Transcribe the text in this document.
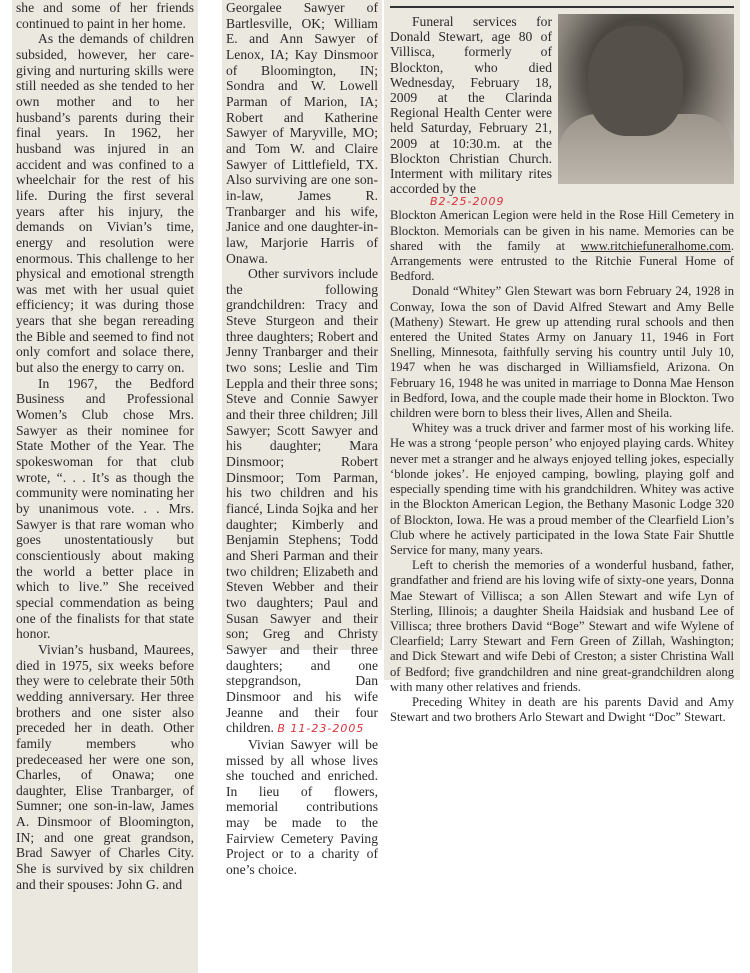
she and some of her friends continued to paint in her home.

As the demands of children subsided, however, her care-giving and nurturing skills were still needed as she tended to her own mother and to her husband’s parents during their final years. In 1962, her husband was injured in an accident and was confined to a wheelchair for the rest of his life. During the first several years after his injury, the demands on Vivian’s time, energy and resolution were enormous. This challenge to her physical and emotional strength was met with her usual quiet efficiency; it was during those years that she began rereading the Bible and seemed to find not only comfort and solace there, but also the energy to carry on.

In 1967, the Bedford Business and Professional Women’s Club chose Mrs. Sawyer as their nominee for State Mother of the Year. The spokeswoman for that club wrote, “. . . It’s as though the community were nominating her by unanimous vote. . . Mrs. Sawyer is that rare woman who goes unostentatiously but conscientiously about making the world a better place in which to live.” She received special commendation as being one of the finalists for that state honor.

Vivian’s husband, Maurees, died in 1975, six weeks before they were to celebrate their 50th wedding anniversary. Her three brothers and one sister also preceded her in death. Other family members who predeceased her were one son, Charles, of Onawa; one daughter, Elise Tranbarger, of Sumner; one son-in-law, James A. Dinsmoor of Bloomington, IN; and one great grandson, Brad Sawyer of Charles City. She is survived by six children and their spouses: John G. and

Georgalee Sawyer of Bartlesville, OK; William E. and Ann Sawyer of Lenox, IA; Kay Dinsmoor of Bloomington, IN; Sondra and W. Lowell Parman of Marion, IA; Robert and Katherine Sawyer of Maryville, MO; and Tom W. and Claire Sawyer of Littlefield, TX. Also surviving are one son-in-law, James R. Tranbarger and his wife, Janice and one daughter-in-law, Marjorie Harris of Onawa.

Other survivors include the following grandchildren: Tracy and Steve Sturgeon and their three daughters; Robert and Jenny Tranbarger and their two sons; Leslie and Tim Leppla and their three sons; Steve and Connie Sawyer and their three children; Jill Sawyer; Scott Sawyer and his daughter; Mara Dinsmoor; Robert Dinsmoor; Tom Parman, his two children and his fiancé, Linda Sojka and her daughter; Kimberly and Benjamin Stephens; Todd and Sheri Parman and their two children; Elizabeth and Steven Webber and their two daughters; Paul and Susan Sawyer and their son; Greg and Christy Sawyer and their three daughters; and one stepgrandson, Dan Dinsmoor and his wife Jeanne and their four children. B 11-23-2005

Vivian Sawyer will be missed by all whose lives she touched and enriched. In lieu of flowers, memorial contributions may be made to the Fairview Cemetery Paving Project or to a charity of one’s choice.

Funeral services for Donald Stewart, age 80 of Villisca, formerly of Blockton, who died Wednesday, February 18, 2009 at the Clarinda Regional Health Center were held Saturday, February 21, 2009 at 10:30.m. at the Blockton Christian Church. Interment with military rites accorded by the

B2-25-2009

Blockton American Legion were held in the Rose Hill Cemetery in Blockton. Memorials can be given in his name. Memories can be shared with the family at www.ritchiefuneralhome.com. Arrangements were entrusted to the Ritchie Funeral Home of Bedford.

Donald “Whitey” Glen Stewart was born February 24, 1928 in Conway, Iowa the son of David Alfred Stewart and Amy Belle (Matheny) Stewart. He grew up attending rural schools and then entered the United States Army on January 11, 1946 in Fort Snelling, Minnesota, faithfully serving his country until July 10, 1947 when he was discharged in Williamsfield, Arizona. On February 16, 1948 he was united in marriage to Donna Mae Henson in Bedford, Iowa, and the couple made their home in Blockton. Two children were born to bless their lives, Allen and Sheila.

Whitey was a truck driver and farmer most of his working life. He was a strong ‘people person’ who enjoyed playing cards. Whitey never met a stranger and he always enjoyed telling jokes, especially ‘blonde jokes’. He enjoyed camping, bowling, playing golf and especially spending time with his grandchildren. Whitey was active in the Blockton American Legion, the Bethany Masonic Lodge 320 of Blockton, Iowa. He was a proud member of the Clearfield Lion’s Club where he actively participated in the Iowa State Fair Shuttle Service for many, many years.

Left to cherish the memories of a wonderful husband, father, grandfather and friend are his loving wife of sixty-one years, Donna Mae Stewart of Villisca; a son Allen Stewart and wife Lyn of Sterling, Illinois; a daughter Sheila Haidsiak and husband Lee of Villisca; three brothers David “Boge” Stewart and wife Wylene of Clearfield; Larry Stewart and Fern Green of Zillah, Washington; and Dick Stewart and wife Debi of Creston; a sister Christina Wall of Bedford; five grandchildren and nine great-grandchildren along with many other relatives and friends.

Preceding Whitey in death are his parents David and Amy Stewart and two brothers Arlo Stewart and Dwight “Doc” Stewart.
